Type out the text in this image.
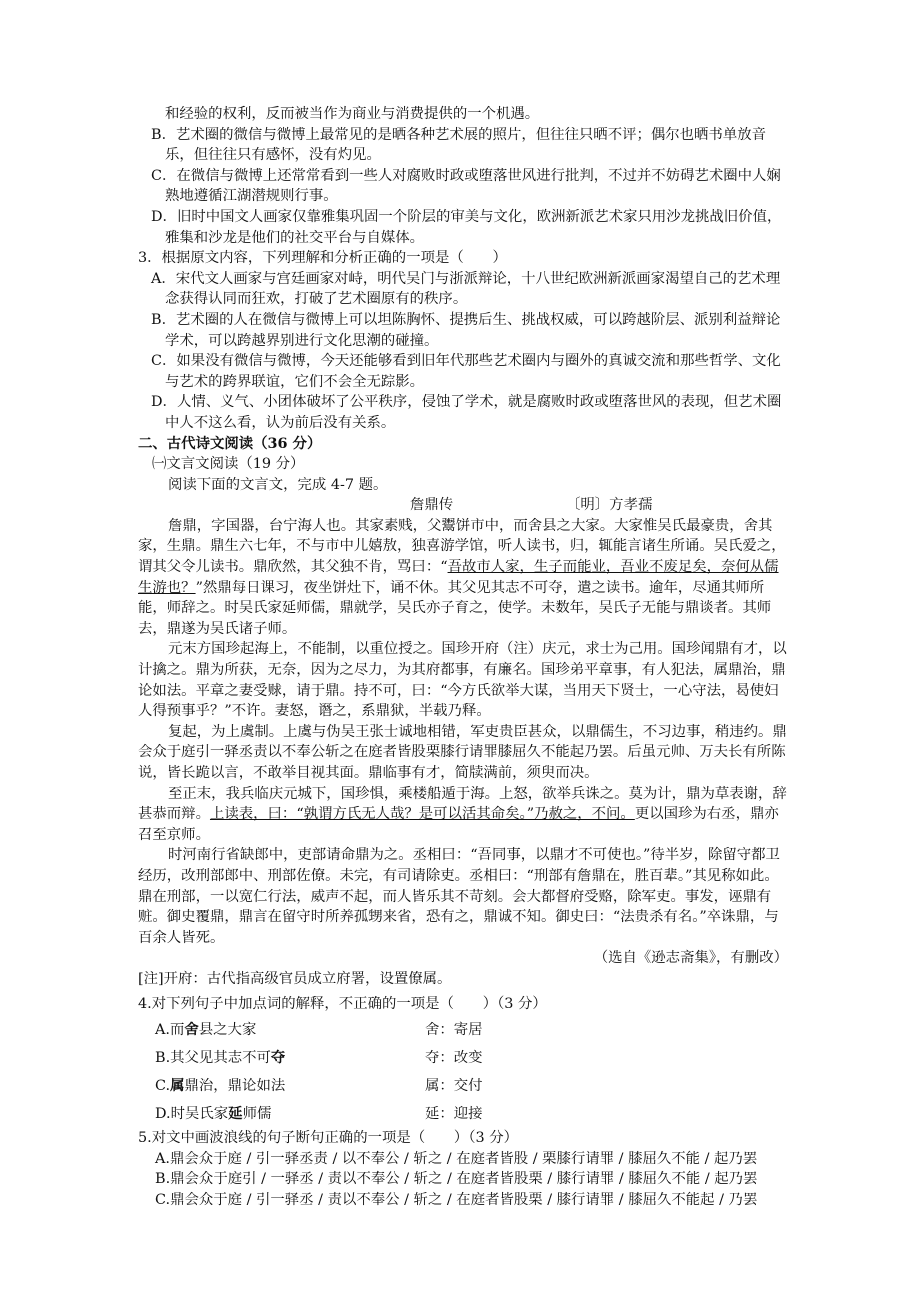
和经验的权利，反而被当作为商业与消费提供的一个机遇。

B．艺术圈的微信与微博上最常见的是晒各种艺术展的照片，但往往只晒不评；偶尔也晒书单放音乐，但往往只有感怀，没有灼见。

C．在微信与微博上还常常看到一些人对腐败时政或堕落世风进行批判，不过并不妨碍艺术圈中人娴熟地遵循江湖潜规则行事。

D．旧时中国文人画家仅靠雅集巩固一个阶层的审美与文化，欧洲新派艺术家只用沙龙挑战旧价值，雅集和沙龙是他们的社交平台与自媒体。

3．根据原文内容，下列理解和分析正确的一项是（　　）

A．宋代文人画家与宫廷画家对峙，明代吴门与浙派辩论，十八世纪欧洲新派画家渴望自己的艺术理念获得认同而狂欢，打破了艺术圈原有的秩序。

B．艺术圈的人在微信与微博上可以坦陈胸怀、提携后生、挑战权威，可以跨越阶层、派别利益辩论学术，可以跨越界别进行文化思潮的碰撞。

C．如果没有微信与微博，今天还能够看到旧年代那些艺术圈内与圈外的真诚交流和那些哲学、文化与艺术的跨界联谊，它们不会全无踪影。

D．人情、义气、小团体破坏了公平秩序，侵蚀了学术，就是腐败时政或堕落世风的表现，但艺术圈中人不这么看，认为前后没有关系。

二、古代诗文阅读（36 分）

㈠文言文阅读（19 分）

阅读下面的文言文，完成 4-7 题。

詹鼎传	〔明〕方孝孺

詹鼎，字国器，台宁海人也。其家素贱，父鬻饼市中，而舍县之大家。大家惟吴氏最豪贵，舍其家，生鼎。鼎生六七年，不与市中儿嬉敖，独喜游学馆，听人读书，归，辄能言诸生所诵。吴氏爱之，谓其父令儿读书。鼎欣然，其父独不肯，骂曰：“吾故市人家，生子而能业，吾业不废足矣，奈何从儒生游也？”然鼎每日课习，夜坐饼灶下，诵不休。其父见其志不可夺，遣之读书。逾年，尽通其师所能，师辞之。时吴氏家延师儒，鼎就学，吴氏亦子育之，使学。未数年，吴氏子无能与鼎谈者。其师去，鼎遂为吴氏诸子师。

元末方国珍起海上，不能制，以重位授之。国珍开府（注）庆元，求士为己用。国珍闻鼎有才，以计擒之。鼎为所获，无奈，因为之尽力，为其府都事，有廉名。国珍弟平章事，有人犯法，属鼎治，鼎论如法。平章之妻受赇，请于鼎。持不可，曰：“今方氏欲举大谋，当用天下贤士，一心守法，曷使妇人得预事乎？”不许。妻怒，谮之，系鼎狱，半载乃释。

复起，为上虞制。上虞与伪吴王张士诚地相错，军吏贵臣甚众，以鼎儒生，不习边事，稍违约。鼎会众于庭引一驿丞责以不奉公斩之在庭者皆股栗膝行请罪膝屈久不能起乃罢。后虽元帅、万夫长有所陈说，皆长跪以言，不敢举目视其面。鼎临事有才，简牍满前，须臾而决。

至正末，我兵临庆元城下，国珍惧，乘楼船遁于海。上怒，欲举兵诛之。莫为计，鼎为草表谢，辞甚恭而辩。上读表，曰：“孰谓方氏无人哉？是可以活其命矣。”乃赦之，不问。更以国珍为右丞，鼎亦召至京师。

时河南行省缺郎中，吏部请命鼎为之。丞相曰：“吾同事，以鼎才不可使也。”待半岁，除留守都卫经历，改刑部郎中、刑部佐僚。未完，有司请除吏。丞相曰：“刑部有詹鼎在，胜百辈。”其见称如此。鼎在刑部，一以宽仁行法，威声不起，而人皆乐其不苛刻。会大都督府受赂，除军吏。事发，诬鼎有赃。御史覆鼎，鼎言在留守时所养孤甥来省，恐有之，鼎诚不知。御史曰：“法贵杀有名。”卒诛鼎，与百余人皆死。

（选自《逊志斋集》，有删改）

[注]开府：古代指高级官员成立府署，设置僚属。

4.对下列句子中加点词的解释，不正确的一项是（　　）（3 分）

A.而舍县之大家	舍：寄居
B.其父见其志不可夺	夺：改变
C.属鼎治，鼎论如法	属：交付
D.时吴氏家延师儒	延：迎接

5.对文中画波浪线的句子断句正确的一项是（　　）（3 分）

A.鼎会众于庭 / 引一驿丞责 / 以不奉公 / 斩之 / 在庭者皆股 / 栗膝行请罪 / 膝屈久不能 / 起乃罢

B.鼎会众于庭引 / 一驿丞 / 责以不奉公 / 斩之 / 在庭者皆股栗 / 膝行请罪 / 膝屈久不能 / 起乃罢

C.鼎会众于庭 / 引一驿丞 / 责以不奉公 / 斩之 / 在庭者皆股栗 / 膝行请罪 / 膝屈久不能起 / 乃罢
